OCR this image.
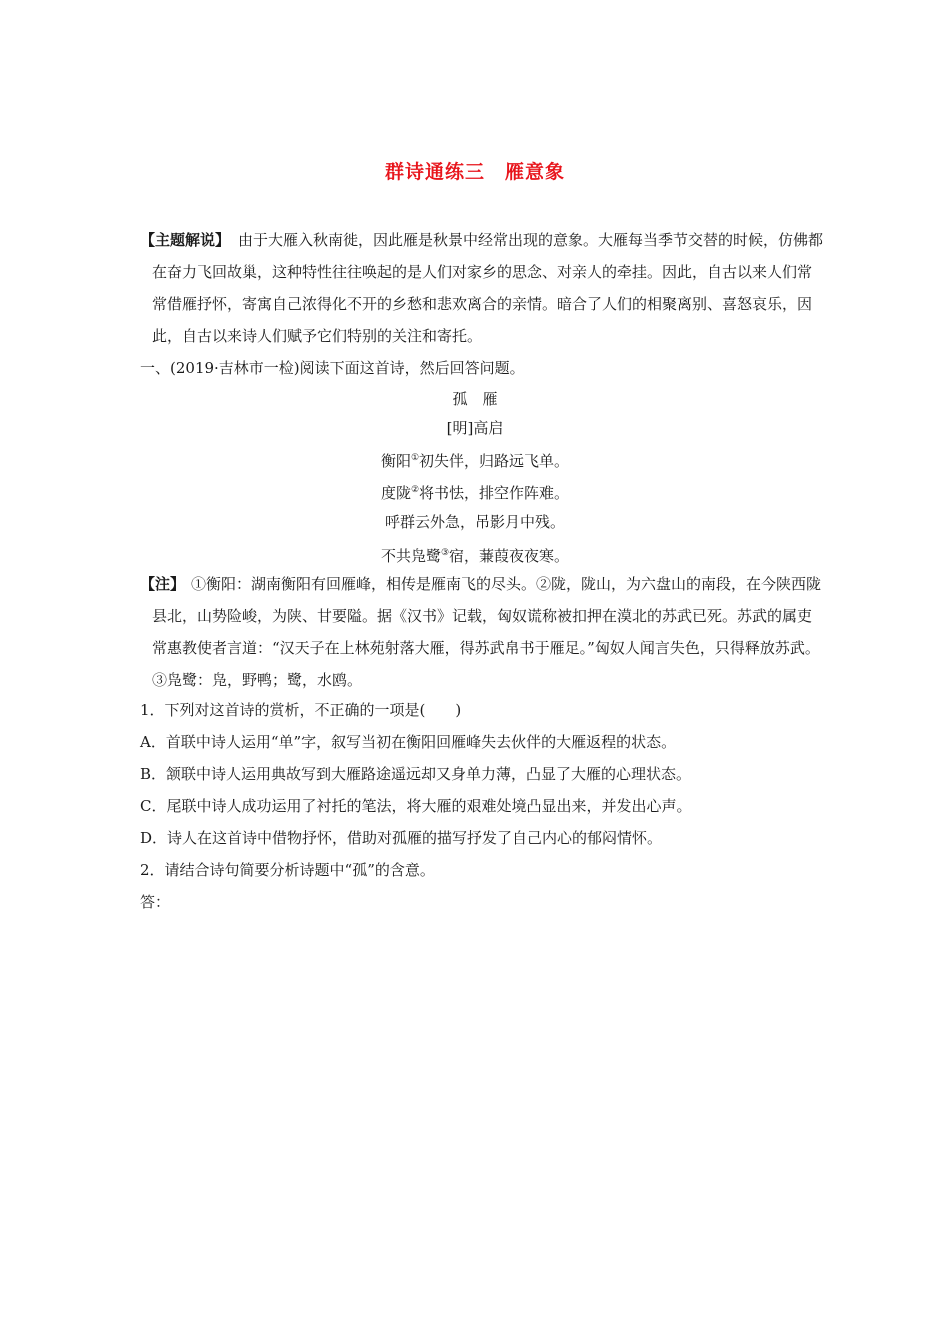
群诗通练三　雁意象
【主题解说】 由于大雁入秋南徙，因此雁是秋景中经常出现的意象。大雁每当季节交替的时候，仿佛都在奋力飞回故巢，这种特性往往唤起的是人们对家乡的思念、对亲人的牵挂。因此，自古以来人们常常借雁抒怀，寄寓自己浓得化不开的乡愁和悲欢离合的亲情。暗合了人们的相聚离别、喜怒哀乐，因此，自古以来诗人们赋予它们特别的关注和寄托。
一、(2019·吉林市一检)阅读下面这首诗，然后回答问题。
孤　雁
[明]高启
衡阳①初失伴，归路远飞单。
度陇②将书怯，排空作阵难。
呼群云外急，吊影月中残。
不共凫鹭③宿，蒹葭夜夜寒。
【注】 ①衡阳：湖南衡阳有回雁峰，相传是雁南飞的尽头。②陇，陇山，为六盘山的南段，在今陕西陇县北，山势险峻，为陕、甘要隘。据《汉书》记载，匈奴谎称被扣押在漠北的苏武已死。苏武的属吏常惠教使者言道：“汉天子在上林苑射落大雁，得苏武帛书于雁足。”匈奴人闻言失色，只得释放苏武。③凫鹭：凫，野鸭；鹭，水鸥。
1．下列对这首诗的赏析，不正确的一项是(　　)
A．首联中诗人运用“单”字，叙写当初在衡阳回雁峰失去伙伴的大雁返程的状态。
B．颔联中诗人运用典故写到大雁路途遥远却又身单力薄，凸显了大雁的心理状态。
C．尾联中诗人成功运用了衬托的笔法，将大雁的艰难处境凸显出来，并发出心声。
D．诗人在这首诗中借物抒怀，借助对孤雁的描写抒发了自己内心的郁闷情怀。
2．请结合诗句简要分析诗题中“孤”的含意。
答：
